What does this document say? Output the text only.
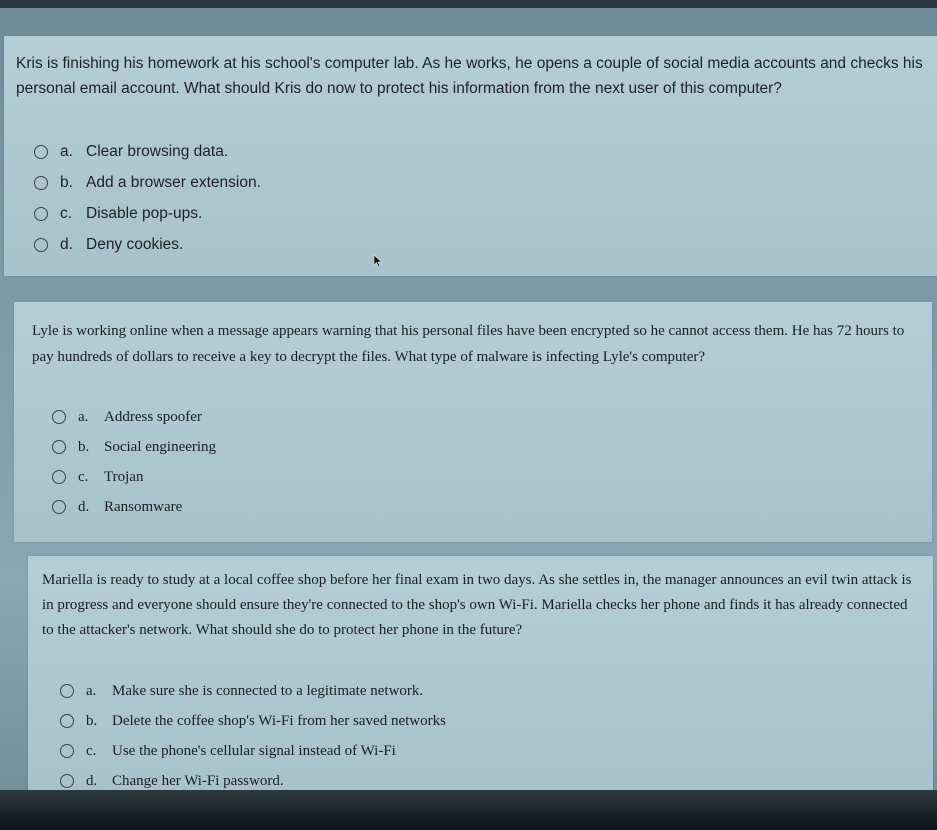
Kris is finishing his homework at his school's computer lab. As he works, he opens a couple of social media accounts and checks his personal email account. What should Kris do now to protect his information from the next user of this computer?

a. Clear browsing data.
b. Add a browser extension.
c. Disable pop-ups.
d. Deny cookies.

Lyle is working online when a message appears warning that his personal files have been encrypted so he cannot access them. He has 72 hours to pay hundreds of dollars to receive a key to decrypt the files. What type of malware is infecting Lyle's computer?

a.	Address spoofer
b. Social engineering
c.	Trojan
d. Ransomware

Mariella is ready to study at a local coffee shop before her final exam in two days. As she settles in, the manager announces an evil twin attack is in progress and everyone should ensure they're connected to the shop's own Wi-Fi. Mariella checks her phone and finds it has already connected to the attacker's network. What should she do to protect her phone in the future?

a.	Make sure she is connected to a legitimate network.
b. Delete the coffee shop's Wi-Fi from her saved networks
c.	Use the phone's cellular signal instead of Wi-Fi
d. Change her Wi-Fi password.
